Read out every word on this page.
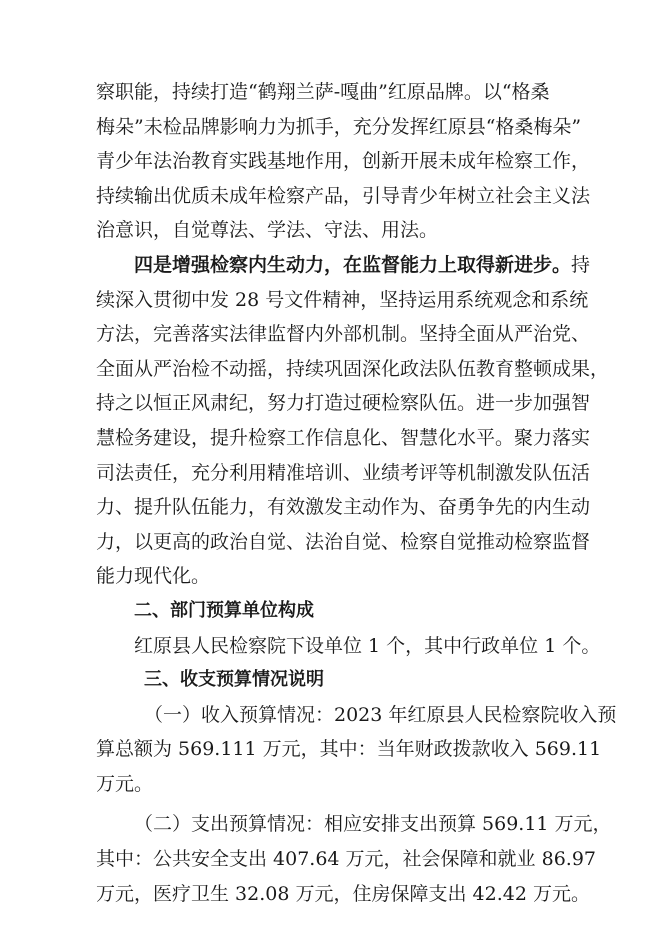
察职能，持续打造“鹤翔兰萨-嘎曲”红原品牌。以“格桑
梅朵”未检品牌影响力为抓手，充分发挥红原县“格桑梅朵”
青少年法治教育实践基地作用，创新开展未成年检察工作，
持续输出优质未成年检察产品，引导青少年树立社会主义法
治意识，自觉尊法、学法、守法、用法。
四是增强检察内生动力，在监督能力上取得新进步。持
续深入贯彻中发 28 号文件精神，坚持运用系统观念和系统
方法，完善落实法律监督内外部机制。坚持全面从严治党、
全面从严治检不动摇，持续巩固深化政法队伍教育整顿成果，
持之以恒正风肃纪，努力打造过硬检察队伍。进一步加强智
慧检务建设，提升检察工作信息化、智慧化水平。聚力落实
司法责任，充分利用精准培训、业绩考评等机制激发队伍活
力、提升队伍能力，有效激发主动作为、奋勇争先的内生动
力，以更高的政治自觉、法治自觉、检察自觉推动检察监督
能力现代化。
二、部门预算单位构成
红原县人民检察院下设单位 1 个，其中行政单位 1 个。
三、收支预算情况说明
（一）收入预算情况：2023 年红原县人民检察院收入预
算总额为 569.111 万元，其中：当年财政拨款收入 569.11
万元。
（二）支出预算情况：相应安排支出预算 569.11 万元，
其中：公共安全支出 407.64 万元，社会保障和就业 86.97
万元，医疗卫生 32.08 万元，住房保障支出 42.42 万元。
